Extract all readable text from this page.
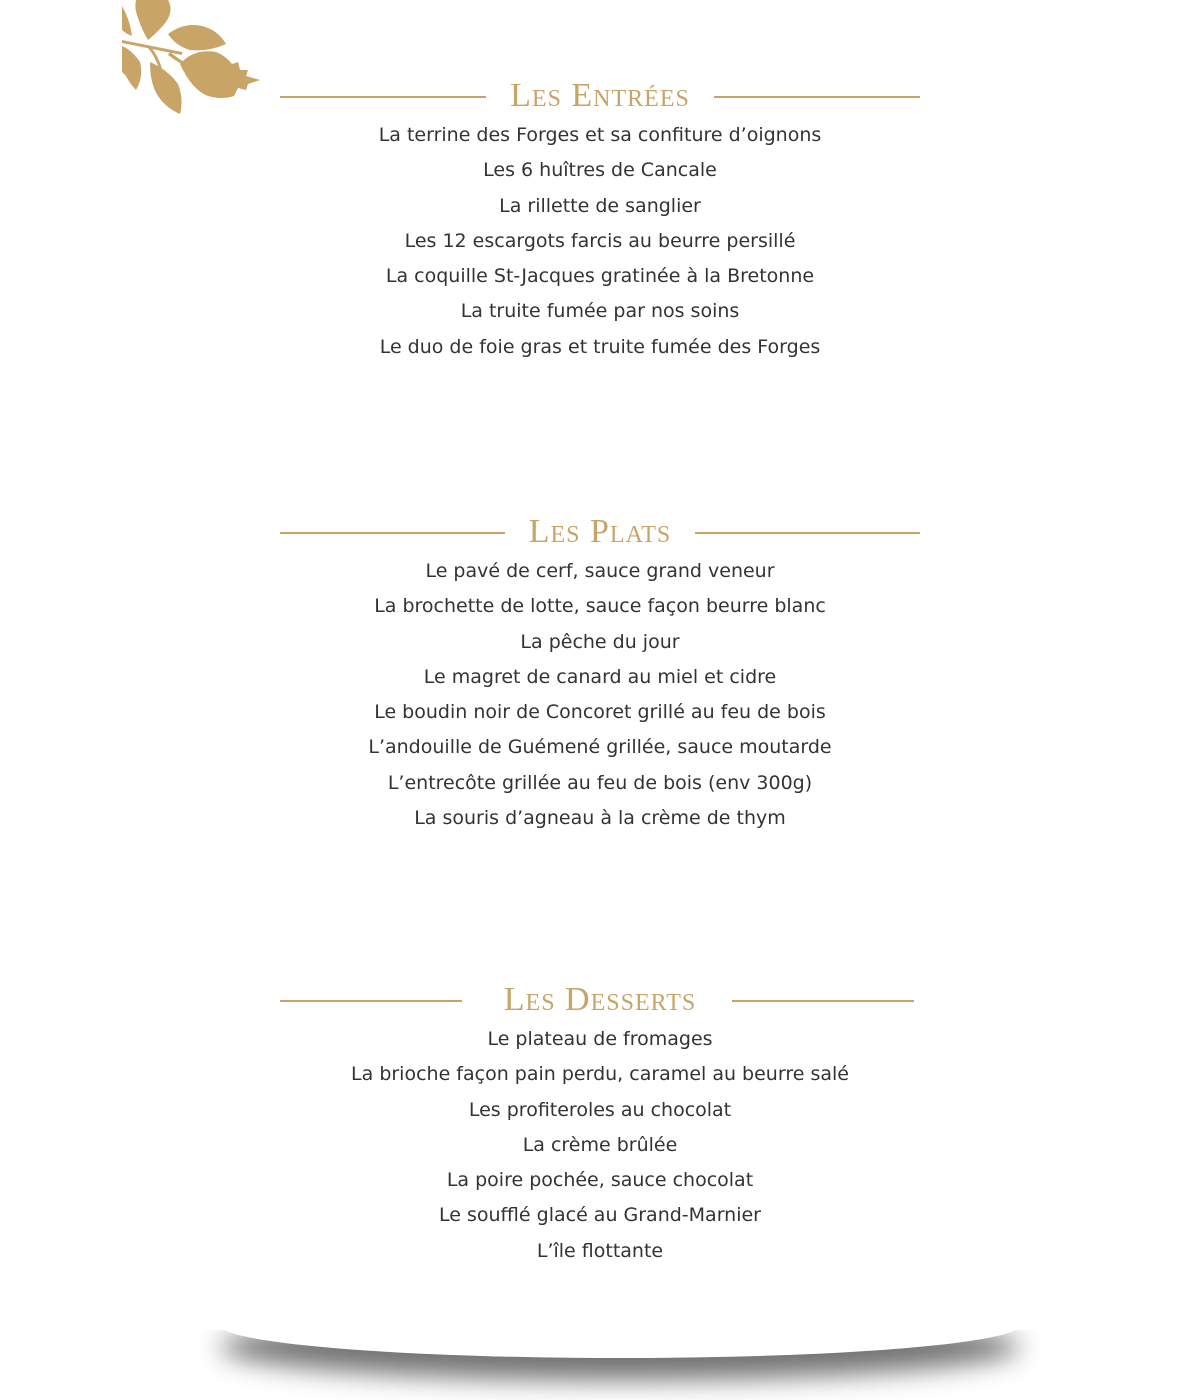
Les Entrées
La terrine des Forges et sa confiture d’oignons
Les 6 huîtres de Cancale
La rillette de sanglier
Les 12 escargots farcis au beurre persillé
La coquille St-Jacques gratinée à la Bretonne
La truite fumée par nos soins
Le duo de foie gras et truite fumée des Forges
Les Plats
Le pavé de cerf, sauce grand veneur
La brochette de lotte, sauce façon beurre blanc
La pêche du jour
Le magret de canard au miel et cidre
Le boudin noir de Concoret grillé au feu de bois
L’andouille de Guémené grillée, sauce moutarde
L’entrecôte grillée au feu de bois (env 300g)
La souris d’agneau à la crème de thym
Les Desserts
Le plateau de fromages
La brioche façon pain perdu, caramel au beurre salé
Les profiteroles au chocolat
La crème brûlée
La poire pochée, sauce chocolat
Le soufflé glacé au Grand-Marnier
L’île flottante
